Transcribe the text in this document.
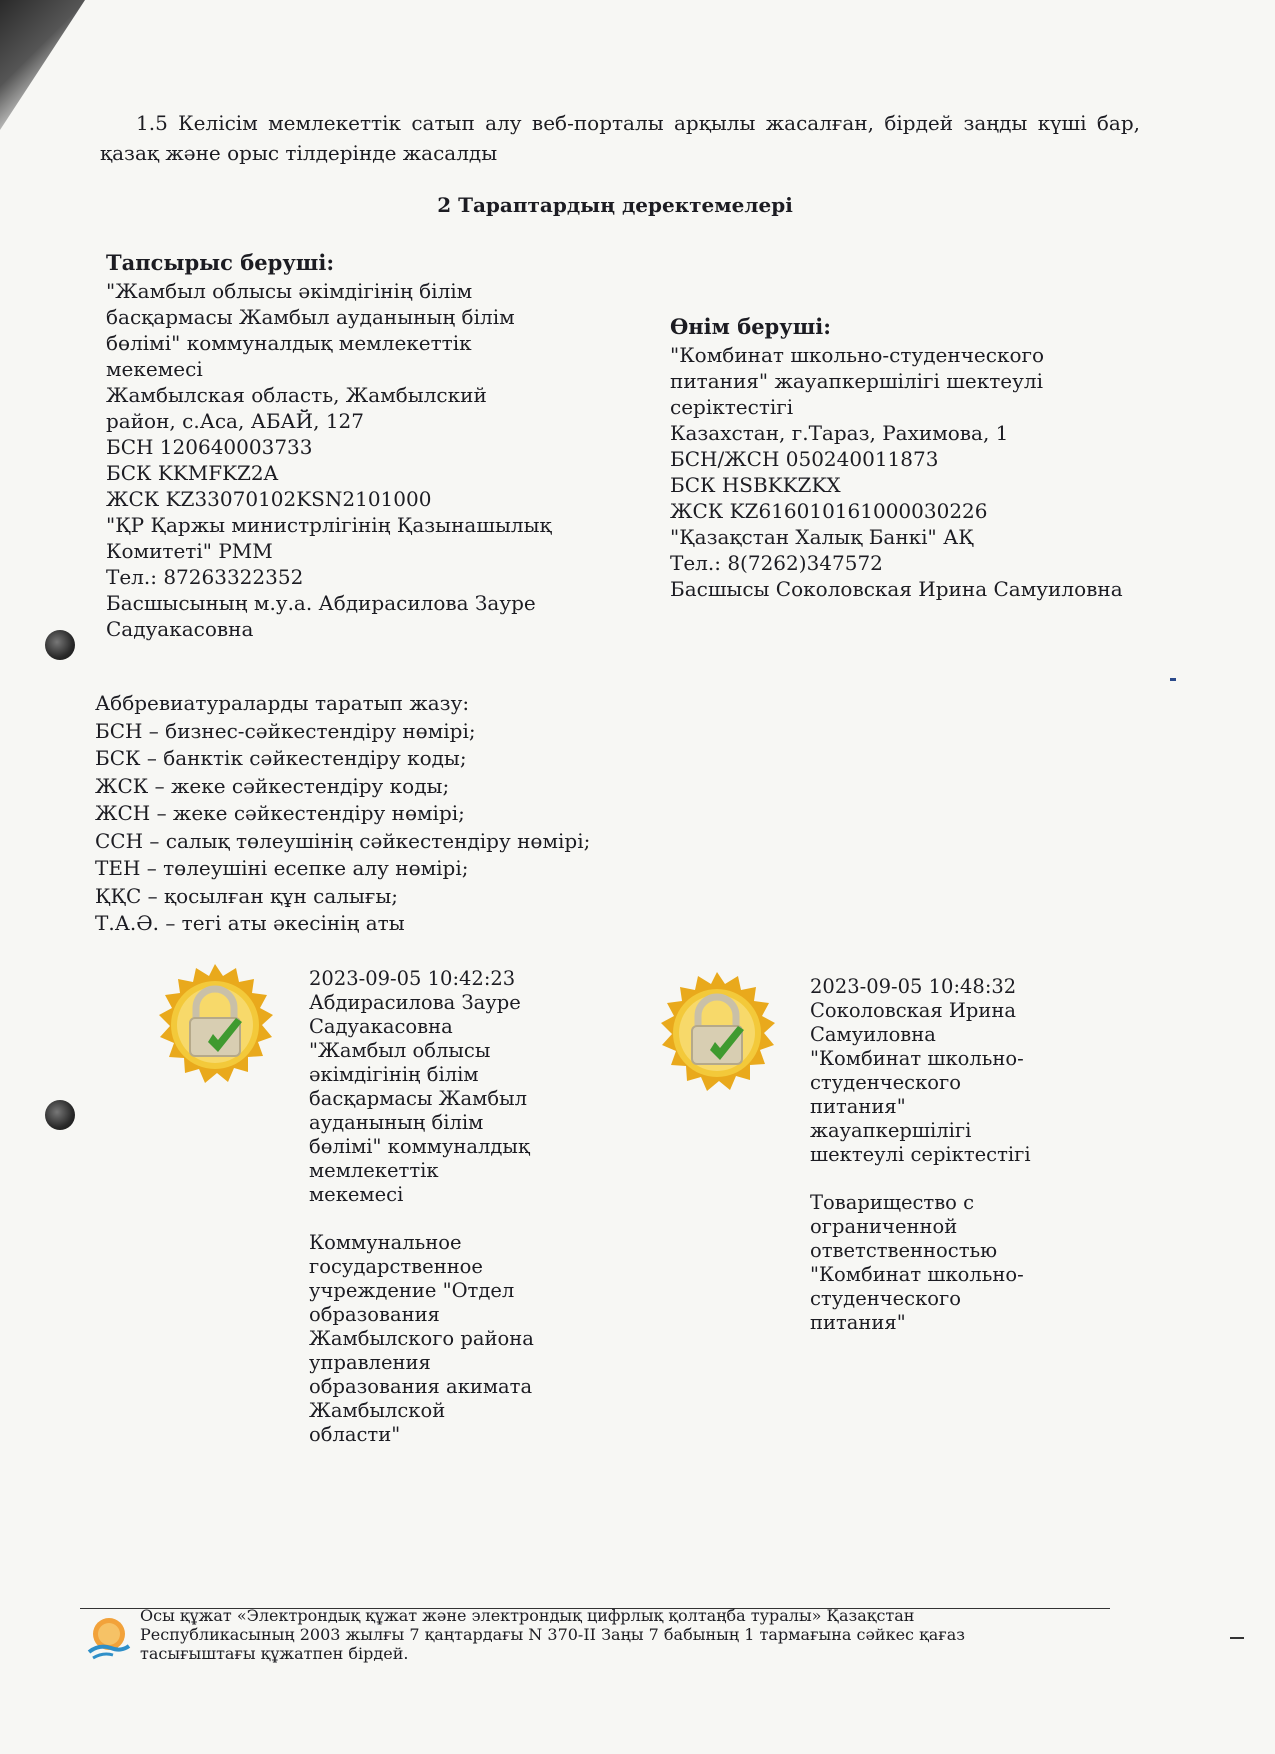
1.5 Келісім мемлекеттік сатып алу веб-порталы арқылы жасалған, бірдей заңды күші бар, қазақ және орыс тілдерінде жасалды
2 Тараптардың деректемелері
Тапсырыс беруші:
"Жамбыл облысы әкімдігінің білім
басқармасы Жамбыл ауданының білім
бөлімі" коммуналдық мемлекеттік
мекемесі
Жамбылская область, Жамбылский
район, с.Аса, АБАЙ, 127
БСН 120640003733
БСК KKMFKZ2A
ЖСК KZ33070102KSN2101000
"ҚР Қаржы министрлігінің Қазынашылық
Комитеті" РММ
Тел.: 87263322352
Басшысының м.у.а. Абдирасилова Зауре
Садуакасовна
Өнім беруші:
"Комбинат школьно-студенческого
питания" жауапкершілігі шектеулі
серіктестігі
Казахстан, г.Тараз, Рахимова, 1
БСН/ЖСН 050240011873
БСК HSBKKZKX
ЖСК KZ616010161000030226
"Қазақстан Халық Банкі" АҚ
Тел.: 8(7262)347572
Басшысы Соколовская Ирина Самуиловна
Аббревиатураларды таратып жазу:
БСН – бизнес-сәйкестендіру нөмірі;
БСК – банктік сәйкестендіру коды;
ЖСК – жеке сәйкестендіру коды;
ЖСН – жеке сәйкестендіру нөмірі;
ССН – салық төлеушінің сәйкестендіру нөмірі;
ТЕН – төлеушіні есепке алу нөмірі;
ҚҚС – қосылған құн салығы;
Т.А.Ә. – тегі аты әкесінің аты
2023-09-05 10:42:23
Абдирасилова Зауре
Садуакасовна
"Жамбыл облысы
әкімдігінің білім
басқармасы Жамбыл
ауданының білім
бөлімі" коммуналдық
мемлекеттік
мекемесі
Коммунальное
государственное
учреждение "Отдел
образования
Жамбылского района
управления
образования акимата
Жамбылской
области"
2023-09-05 10:48:32
Соколовская Ирина
Самуиловна
"Комбинат школьно-
студенческого
питания"
жауапкершілігі
шектеулі серіктестігі
Товарищество с
ограниченной
ответственностью
"Комбинат школьно-
студенческого
питания"
Осы құжат «Электрондық құжат және электрондық цифрлық қолтаңба туралы» Қазақстан
Республикасының 2003 жылғы 7 қаңтардағы N 370-II Заңы 7 бабының 1 тармағына сәйкес қағаз
тасығыштағы құжатпен бірдей.
